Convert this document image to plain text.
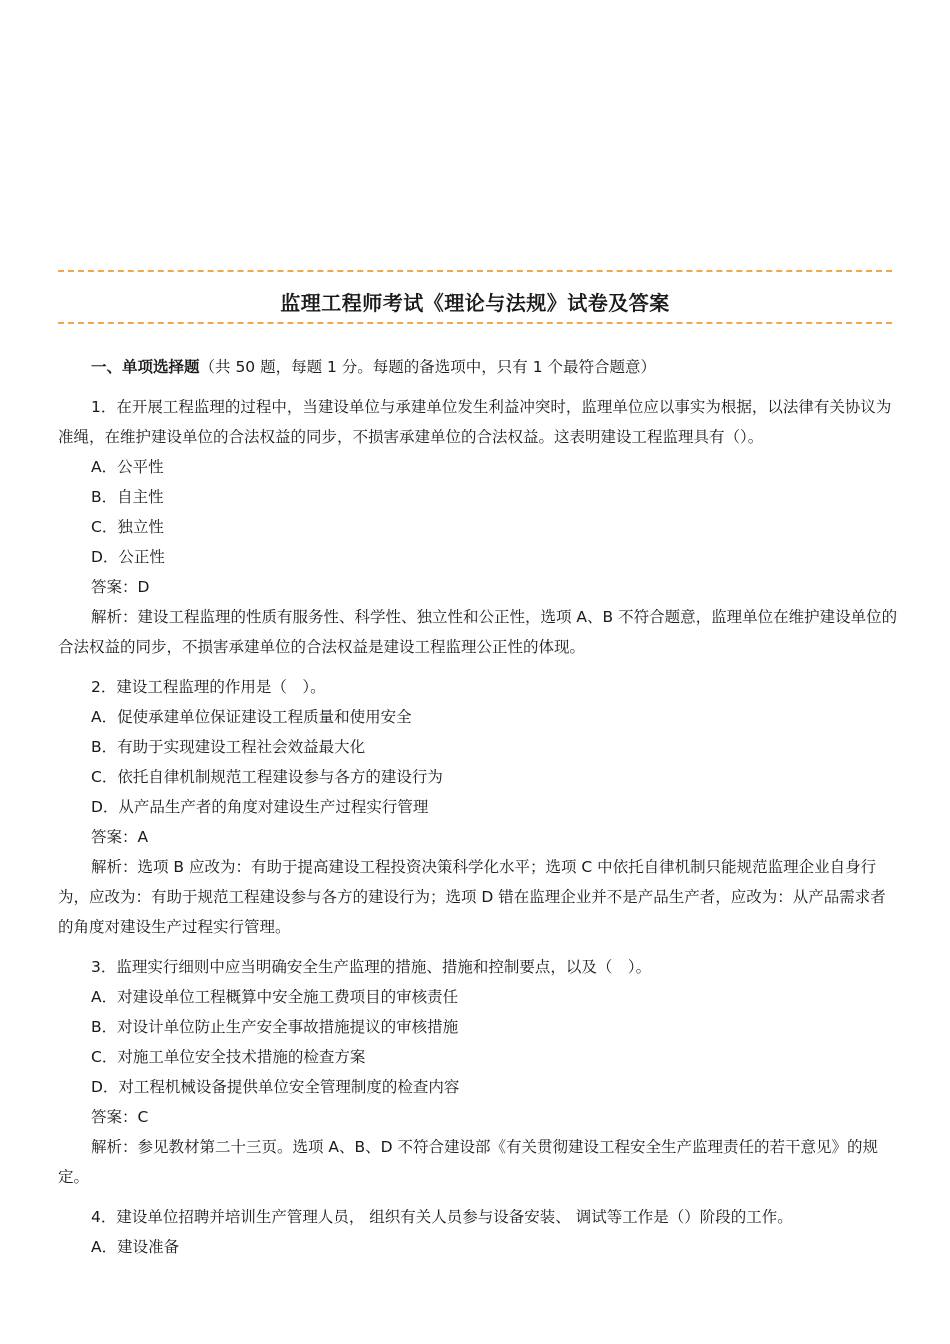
监理工程师考试《理论与法规》试卷及答案
一、单项选择题（共 50 题，每题 1 分。每题的备选项中，只有 1 个最符合题意）
1．在开展工程监理的过程中，当建设单位与承建单位发生利益冲突时，监理单位应以事实为根据，以法律有关协议为准绳，在维护建设单位的合法权益的同步，不损害承建单位的合法权益。这表明建设工程监理具有（）。
A．公平性
B．自主性
C．独立性
D．公正性
答案：D
解析：建设工程监理的性质有服务性、科学性、独立性和公正性，选项 A、B 不符合题意，监理单位在维护建设单位的合法权益的同步，不损害承建单位的合法权益是建设工程监理公正性的体现。
2．建设工程监理的作用是（　）。
A．促使承建单位保证建设工程质量和使用安全
B．有助于实现建设工程社会效益最大化
C．依托自律机制规范工程建设参与各方的建设行为
D．从产品生产者的角度对建设生产过程实行管理
答案：A
解析：选项 B 应改为：有助于提高建设工程投资决策科学化水平；选项 C 中依托自律机制只能规范监理企业自身行为，应改为：有助于规范工程建设参与各方的建设行为；选项 D 错在监理企业并不是产品生产者，应改为：从产品需求者的角度对建设生产过程实行管理。
3．监理实行细则中应当明确安全生产监理的措施、措施和控制要点，以及（　）。
A．对建设单位工程概算中安全施工费项目的审核责任
B．对设计单位防止生产安全事故措施提议的审核措施
C．对施工单位安全技术措施的检查方案
D．对工程机械设备提供单位安全管理制度的检查内容
答案：C
解析：参见教材第二十三页。选项 A、B、D 不符合建设部《有关贯彻建设工程安全生产监理责任的若干意见》的规定。
4．建设单位招聘并培训生产管理人员， 组织有关人员参与设备安装、 调试等工作是（）阶段的工作。
A．建设准备
